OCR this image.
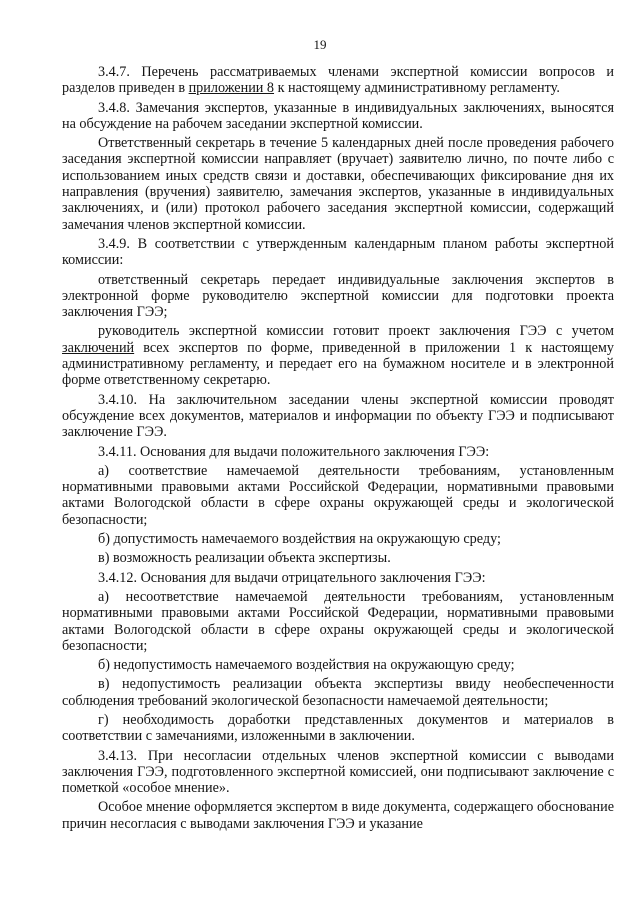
19

3.4.7. Перечень рассматриваемых членами экспертной комиссии вопросов и разделов приведен в приложении 8 к настоящему административному регламенту.

3.4.8. Замечания экспертов, указанные в индивидуальных заключениях, выносятся на обсуждение на рабочем заседании экспертной комиссии.

Ответственный секретарь в течение 5 календарных дней после проведения рабочего заседания экспертной комиссии направляет (вручает) заявителю лично, по почте либо с использованием иных средств связи и доставки, обеспечивающих фиксирование дня их направления (вручения) заявителю, замечания экспертов, указанные в индивидуальных заключениях, и (или) протокол рабочего заседания экспертной комиссии, содержащий замечания членов экспертной комиссии.

3.4.9. В соответствии с утвержденным календарным планом работы экспертной комиссии:

ответственный секретарь передает индивидуальные заключения экспертов в электронной форме руководителю экспертной комиссии для подготовки проекта заключения ГЭЭ;

руководитель экспертной комиссии готовит проект заключения ГЭЭ с учетом заключений всех экспертов по форме, приведенной в приложении 1 к настоящему административному регламенту, и передает его на бумажном носителе и в электронной форме ответственному секретарю.

3.4.10. На заключительном заседании члены экспертной комиссии проводят обсуждение всех документов, материалов и информации по объекту ГЭЭ и подписывают заключение ГЭЭ.

3.4.11. Основания для выдачи положительного заключения ГЭЭ:

а) соответствие намечаемой деятельности требованиям, установленным нормативными правовыми актами Российской Федерации, нормативными правовыми актами Вологодской области в сфере охраны окружающей среды и экологической безопасности;

б) допустимость намечаемого воздействия на окружающую среду;

в) возможность реализации объекта экспертизы.

3.4.12. Основания для выдачи отрицательного заключения ГЭЭ:

а) несоответствие намечаемой деятельности требованиям, установленным нормативными правовыми актами Российской Федерации, нормативными правовыми актами Вологодской области в сфере охраны окружающей среды и экологической безопасности;

б) недопустимость намечаемого воздействия на окружающую среду;

в) недопустимость реализации объекта экспертизы ввиду необеспеченности соблюдения требований экологической безопасности намечаемой деятельности;

г) необходимость доработки представленных документов и материалов в соответствии с замечаниями, изложенными в заключении.

3.4.13. При несогласии отдельных членов экспертной комиссии с выводами заключения ГЭЭ, подготовленного экспертной комиссией, они подписывают заключение с пометкой «особое мнение».

Особое мнение оформляется экспертом в виде документа, содержащего обоснование причин несогласия с выводами заключения ГЭЭ и указание
